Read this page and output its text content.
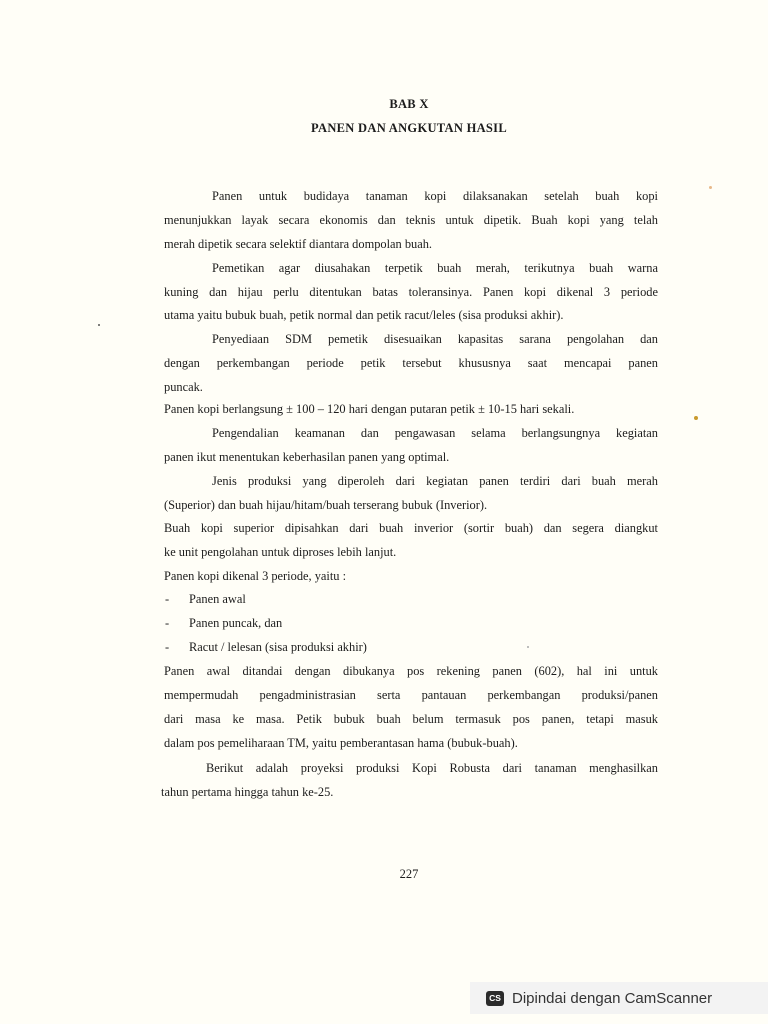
BAB X
PANEN DAN ANGKUTAN HASIL
Panen untuk budidaya tanaman kopi dilaksanakan setelah buah kopi
menunjukkan layak secara ekonomis dan teknis untuk dipetik. Buah kopi yang telah
merah dipetik secara selektif diantara dompolan buah.
Pemetikan agar diusahakan terpetik buah merah, terikutnya buah warna
kuning dan hijau perlu ditentukan batas toleransinya. Panen kopi dikenal 3 periode
utama yaitu bubuk buah, petik normal dan petik racut/leles (sisa produksi akhir).
Penyediaan SDM pemetik disesuaikan kapasitas sarana pengolahan dan
dengan perkembangan periode petik tersebut khususnya saat mencapai panen
puncak.
Panen kopi berlangsung ± 100 – 120 hari dengan putaran petik ± 10-15 hari sekali.
Pengendalian keamanan dan pengawasan selama berlangsungnya kegiatan
panen ikut menentukan keberhasilan panen yang optimal.
Jenis produksi yang diperoleh dari kegiatan panen terdiri dari buah merah
(Superior) dan buah hijau/hitam/buah terserang bubuk (Inverior).
Buah kopi superior dipisahkan dari buah inverior (sortir buah) dan segera diangkut
ke unit pengolahan untuk diproses lebih lanjut.
Panen kopi dikenal 3 periode, yaitu :
- Panen awal
- Panen puncak, dan
- Racut / lelesan (sisa produksi akhir)
Panen awal ditandai dengan dibukanya pos rekening panen (602), hal ini untuk
mempermudah pengadministrasian serta pantauan perkembangan produksi/panen
dari masa ke masa. Petik bubuk buah belum termasuk pos panen, tetapi masuk
dalam pos pemeliharaan TM, yaitu pemberantasan hama (bubuk-buah).
Berikut adalah proyeksi produksi Kopi Robusta dari tanaman menghasilkan
tahun pertama hingga tahun ke-25.
227
CS Dipindai dengan CamScanner
